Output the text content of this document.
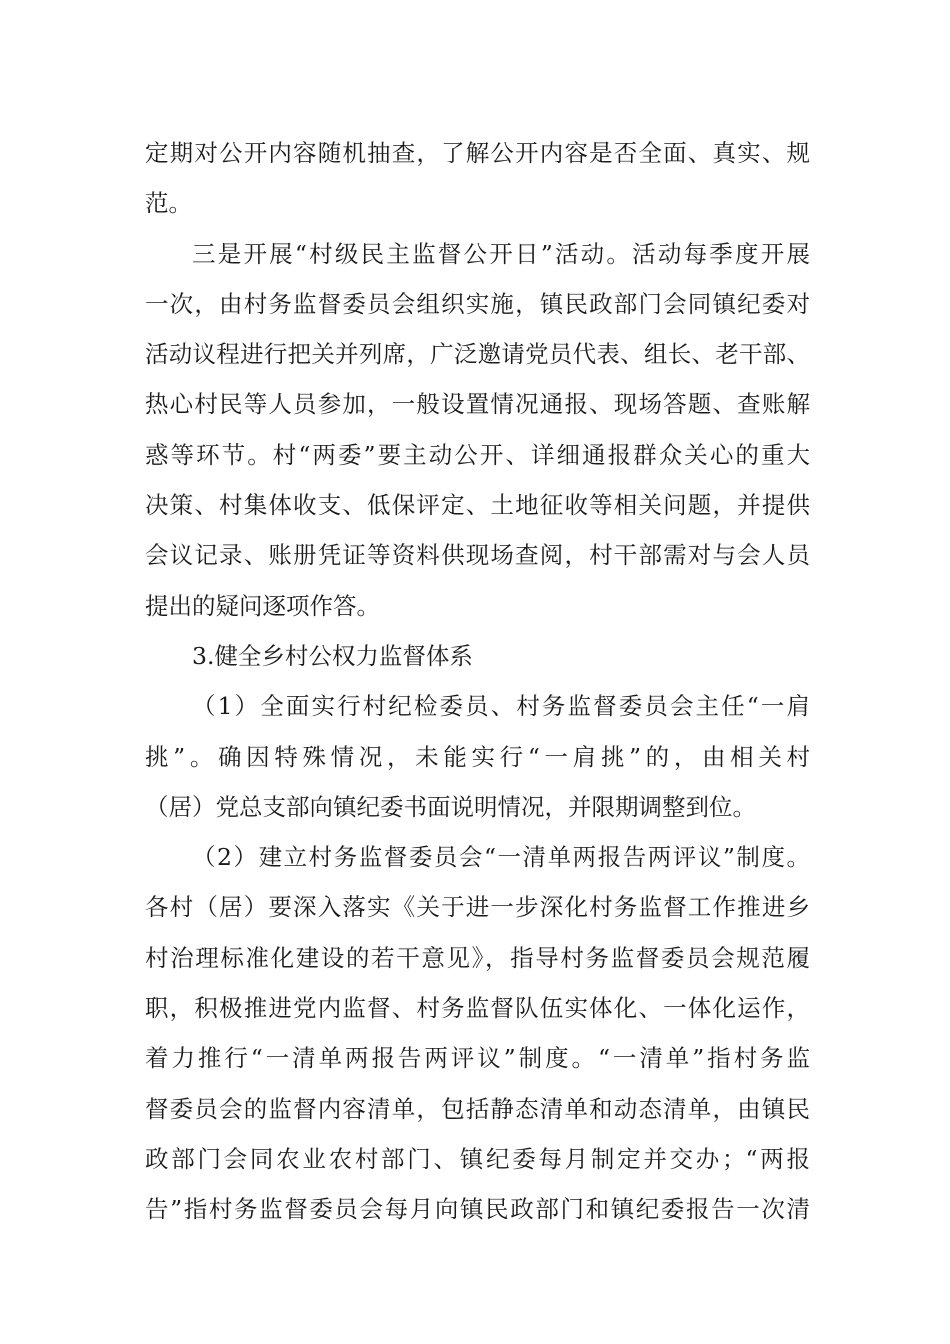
定期对公开内容随机抽查，了解公开内容是否全面、真实、规
范。
三是开展“村级民主监督公开日”活动。活动每季度开展
一次，由村务监督委员会组织实施，镇民政部门会同镇纪委对
活动议程进行把关并列席，广泛邀请党员代表、组长、老干部、
热心村民等人员参加，一般设置情况通报、现场答题、查账解
惑等环节。村“两委”要主动公开、详细通报群众关心的重大
决策、村集体收支、低保评定、土地征收等相关问题，并提供
会议记录、账册凭证等资料供现场查阅，村干部需对与会人员
提出的疑问逐项作答。
3.健全乡村公权力监督体系
（1）全面实行村纪检委员、村务监督委员会主任“一肩
挑”。确因特殊情况，未能实行“一肩挑”的，由相关村
（居）党总支部向镇纪委书面说明情况，并限期调整到位。
（2）建立村务监督委员会“一清单两报告两评议”制度。
各村（居）要深入落实《关于进一步深化村务监督工作推进乡
村治理标准化建设的若干意见》，指导村务监督委员会规范履
职，积极推进党内监督、村务监督队伍实体化、一体化运作，
着力推行“一清单两报告两评议”制度。“一清单”指村务监
督委员会的监督内容清单，包括静态清单和动态清单，由镇民
政部门会同农业农村部门、镇纪委每月制定并交办；“两报
告”指村务监督委员会每月向镇民政部门和镇纪委报告一次清
